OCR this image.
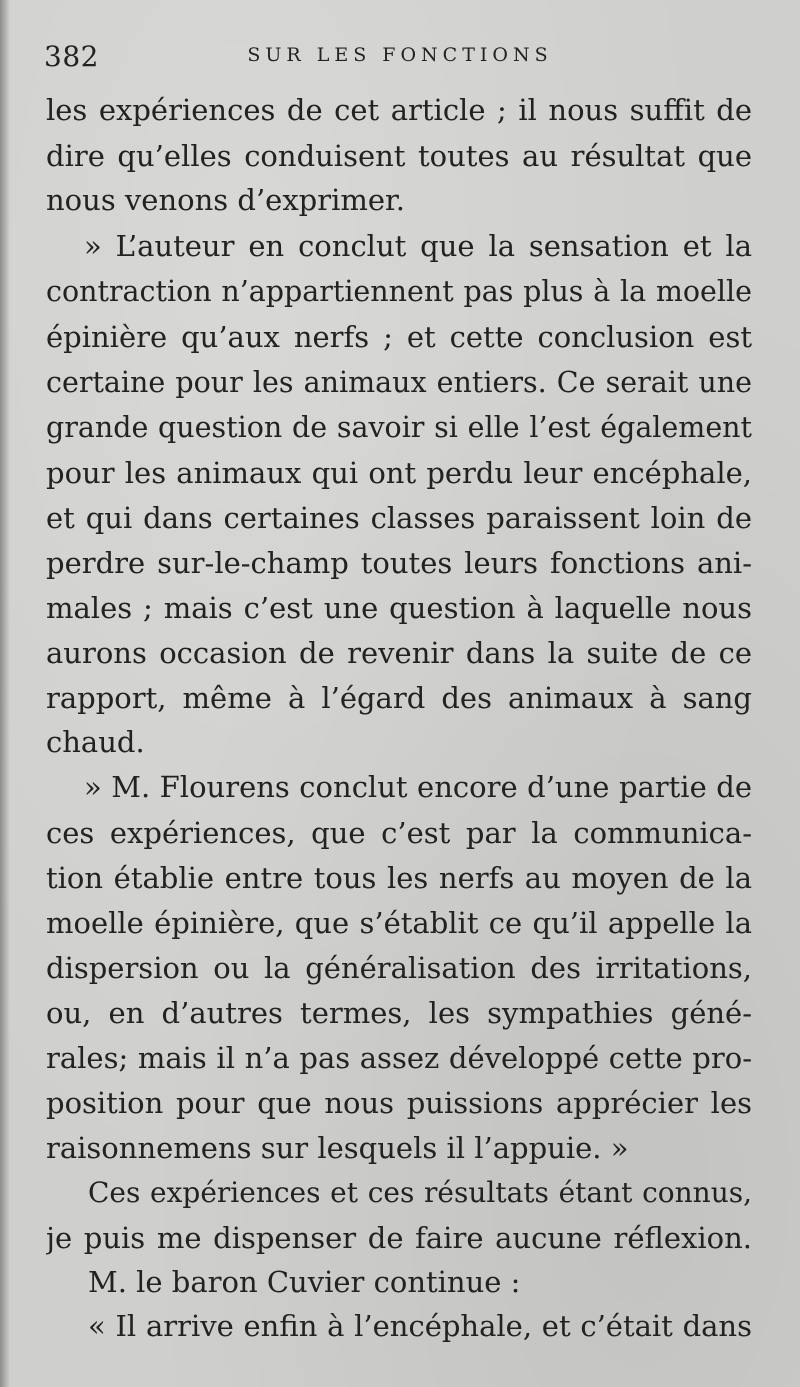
382	SUR LES FONCTIONS
les expériences de cet article ; il nous suffit de
dire qu’elles conduisent toutes au résultat que
nous venons d’exprimer.
» L’auteur en conclut que la sensation et la
contraction n’appartiennent pas plus à la moelle
épinière qu’aux nerfs ; et cette conclusion est
certaine pour les animaux entiers. Ce serait une
grande question de savoir si elle l’est également
pour les animaux qui ont perdu leur encéphale,
et qui dans certaines classes paraissent loin de
perdre sur-le-champ toutes leurs fonctions ani-
males ; mais c’est une question à laquelle nous
aurons occasion de revenir dans la suite de ce
rapport, même à l’égard des animaux à sang
chaud.
» M. Flourens conclut encore d’une partie de
ces expériences, que c’est par la communica-
tion établie entre tous les nerfs au moyen de la
moelle épinière, que s’établit ce qu’il appelle la
dispersion ou la généralisation des irritations,
ou, en d’autres termes, les sympathies géné-
rales; mais il n’a pas assez développé cette pro-
position pour que nous puissions apprécier les
raisonnemens sur lesquels il l’appuie. »
Ces expériences et ces résultats étant connus,
je puis me dispenser de faire aucune réflexion.
M. le baron Cuvier continue :
« Il arrive enfin à l’encéphale, et c’était dans
